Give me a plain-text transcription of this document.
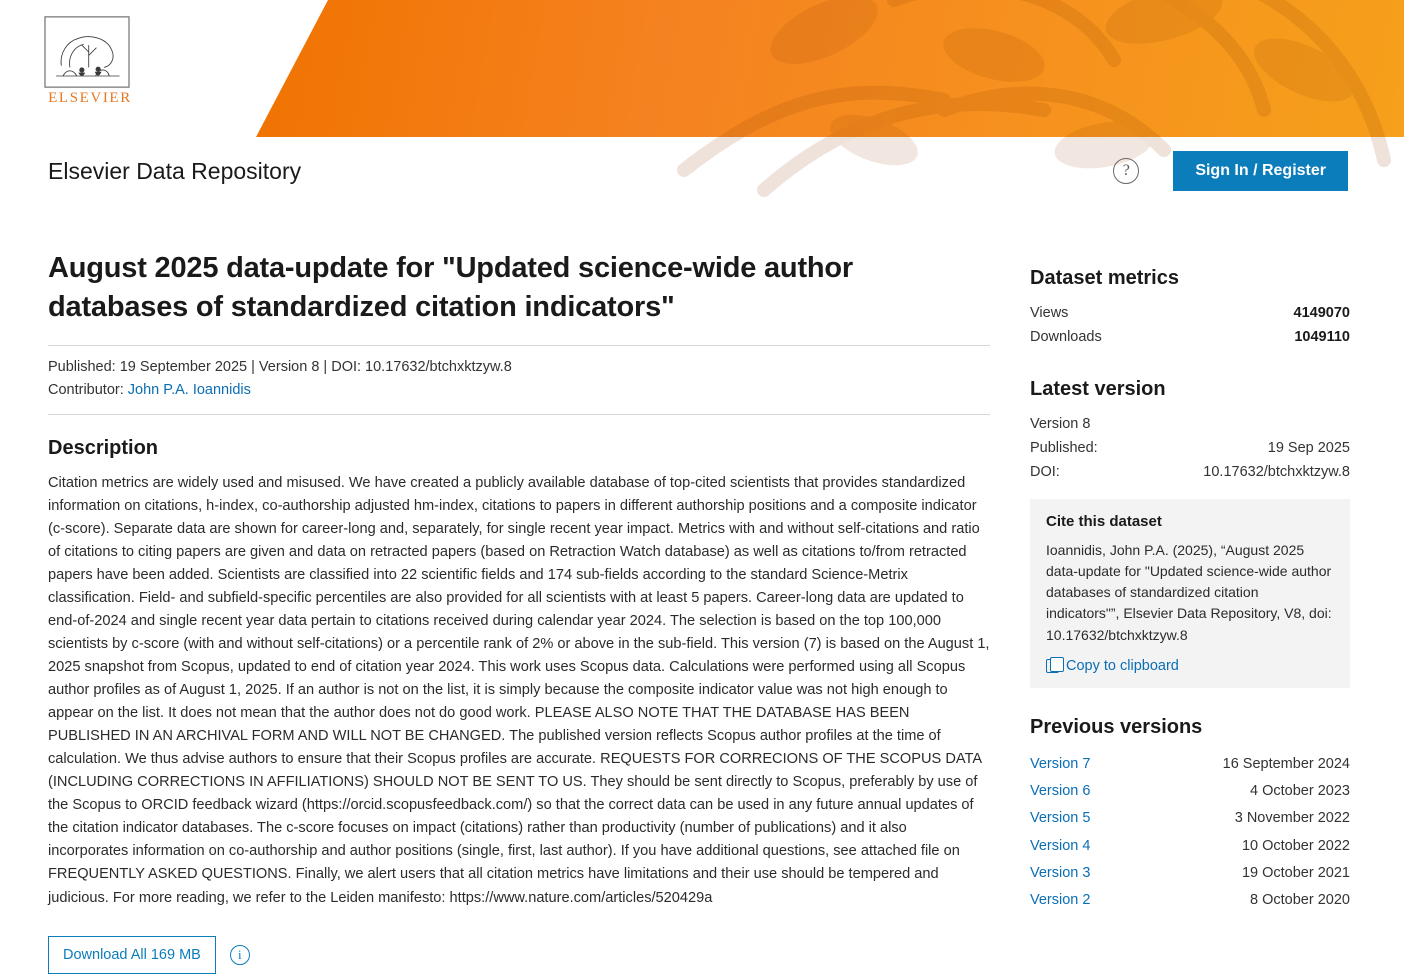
ELSEVIER
Elsevier Data Repository	?	Sign In / Register
August 2025 data-update for "Updated science-wide author databases of standardized citation indicators"
Published: 19 September 2025 | Version 8 | DOI: 10.17632/btchxktzyw.8
Contributor: John P.A. Ioannidis
Description
Citation metrics are widely used and misused. We have created a publicly available database of top-cited scientists that provides standardized information on citations, h-index, co-authorship adjusted hm-index, citations to papers in different authorship positions and a composite indicator (c-score). Separate data are shown for career-long and, separately, for single recent year impact. Metrics with and without self-citations and ratio of citations to citing papers are given and data on retracted papers (based on Retraction Watch database) as well as citations to/from retracted papers have been added. Scientists are classified into 22 scientific fields and 174 sub-fields according to the standard Science-Metrix classification. Field- and subfield-specific percentiles are also provided for all scientists with at least 5 papers. Career-long data are updated to end-of-2024 and single recent year data pertain to citations received during calendar year 2024. The selection is based on the top 100,000 scientists by c-score (with and without self-citations) or a percentile rank of 2% or above in the sub-field. This version (7) is based on the August 1, 2025 snapshot from Scopus, updated to end of citation year 2024. This work uses Scopus data. Calculations were performed using all Scopus author profiles as of August 1, 2025. If an author is not on the list, it is simply because the composite indicator value was not high enough to appear on the list. It does not mean that the author does not do good work. PLEASE ALSO NOTE THAT THE DATABASE HAS BEEN PUBLISHED IN AN ARCHIVAL FORM AND WILL NOT BE CHANGED. The published version reflects Scopus author profiles at the time of calculation. We thus advise authors to ensure that their Scopus profiles are accurate. REQUESTS FOR CORRECIONS OF THE SCOPUS DATA (INCLUDING CORRECTIONS IN AFFILIATIONS) SHOULD NOT BE SENT TO US. They should be sent directly to Scopus, preferably by use of the Scopus to ORCID feedback wizard (https://orcid.scopusfeedback.com/) so that the correct data can be used in any future annual updates of the citation indicator databases. The c-score focuses on impact (citations) rather than productivity (number of publications) and it also incorporates information on co-authorship and author positions (single, first, last author). If you have additional questions, see attached file on FREQUENTLY ASKED QUESTIONS. Finally, we alert users that all citation metrics have limitations and their use should be tempered and judicious. For more reading, we refer to the Leiden manifesto: https://www.nature.com/articles/520429a
Download All 169 MB	i
Dataset metrics
Views	4149070
Downloads	1049110
Latest version
Version 8
Published:	19 Sep 2025
DOI:	10.17632/btchxktzyw.8
Cite this dataset
Ioannidis, John P.A. (2025), “August 2025 data-update for "Updated science-wide author databases of standardized citation indicators"”, Elsevier Data Repository, V8, doi: 10.17632/btchxktzyw.8
Copy to clipboard
Previous versions
Version 7	16 September 2024
Version 6	4 October 2023
Version 5	3 November 2022
Version 4	10 October 2022
Version 3	19 October 2021
Version 2	8 October 2020
